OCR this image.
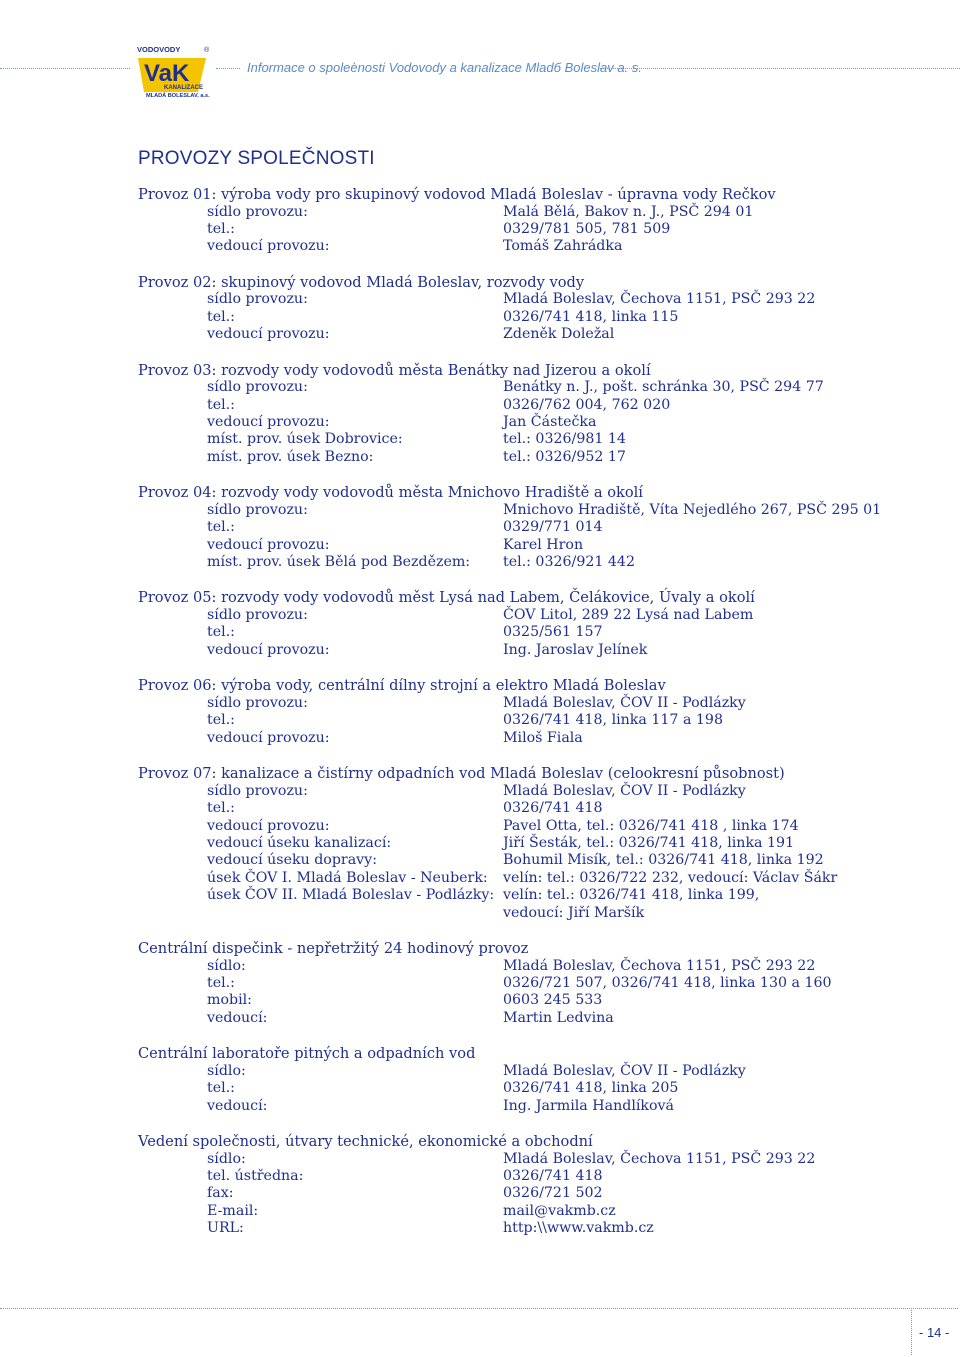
VODOVODY	®
VaK
KANALIZACE
MLADÁ BOLESLAV, a.s.
Informace o spoleènosti Vodovody a kanalizace Mladб Boleslav a. s.
PROVOZY SPOLEČNOSTI
Provoz 01: výroba vody pro skupinový vodovod Mladá Boleslav - úpravna vody Rečkov
sídlo provozu:	Malá Bělá, Bakov n. J., PSČ 294 01
tel.:	0329/781 505, 781 509
vedoucí provozu:	Tomáš Zahrádka
Provoz 02: skupinový vodovod Mladá Boleslav, rozvody vody
sídlo provozu:	Mladá Boleslav, Čechova 1151, PSČ 293 22
tel.:	0326/741 418, linka 115
vedoucí provozu:	Zdeněk Doležal
Provoz 03: rozvody vody vodovodů města Benátky nad Jizerou a okolí
sídlo provozu:	Benátky n. J., pošt. schránka 30, PSČ 294 77
tel.:	0326/762 004, 762 020
vedoucí provozu:	Jan Částečka
míst. prov. úsek Dobrovice:	tel.: 0326/981 14
míst. prov. úsek Bezno:	tel.: 0326/952 17
Provoz 04: rozvody vody vodovodů města Mnichovo Hradiště a okolí
sídlo provozu:	Mnichovo Hradiště, Víta Nejedlého 267, PSČ 295 01
tel.:	0329/771 014
vedoucí provozu:	Karel Hron
míst. prov. úsek Bělá pod Bezdězem:	tel.: 0326/921 442
Provoz 05: rozvody vody vodovodů měst Lysá nad Labem, Čelákovice, Úvaly a okolí
sídlo provozu:	ČOV Litol, 289 22 Lysá nad Labem
tel.:	0325/561 157
vedoucí provozu:	Ing. Jaroslav Jelínek
Provoz 06: výroba vody, centrální dílny strojní a elektro Mladá Boleslav
sídlo provozu:	Mladá Boleslav, ČOV II - Podlázky
tel.:	0326/741 418, linka 117 a 198
vedoucí provozu:	Miloš Fiala
Provoz 07: kanalizace a čistírny odpadních vod Mladá Boleslav (celookresní působnost)
sídlo provozu:	Mladá Boleslav, ČOV II - Podlázky
tel.:	0326/741 418
vedoucí provozu:	Pavel Otta, tel.: 0326/741 418 , linka 174
vedoucí úseku kanalizací:	Jiří Šesták, tel.: 0326/741 418, linka 191
vedoucí úseku dopravy:	Bohumil Misík, tel.: 0326/741 418, linka 192
úsek ČOV I. Mladá Boleslav - Neuberk:	velín: tel.: 0326/722 232, vedoucí: Václav Šákr
úsek ČOV II. Mladá Boleslav - Podlázky: velín: tel.: 0326/741 418, linka 199,
vedoucí: Jiří Maršík
Centrální dispečink - nepřetržitý 24 hodinový provoz
sídlo:	Mladá Boleslav, Čechova 1151, PSČ 293 22
tel.:	0326/721 507, 0326/741 418, linka 130 a 160
mobil:	0603 245 533
vedoucí:	Martin Ledvina
Centrální laboratoře pitných a odpadních vod
sídlo:	Mladá Boleslav, ČOV II - Podlázky
tel.:	0326/741 418, linka 205
vedoucí:	Ing. Jarmila Handlíková
Vedení společnosti, útvary technické, ekonomické a obchodní
sídlo:	Mladá Boleslav, Čechova 1151, PSČ 293 22
tel. ústředna:	0326/741 418
fax:	0326/721 502
E-mail:	mail@vakmb.cz
URL:	http:\\www.vakmb.cz
- 14 -
